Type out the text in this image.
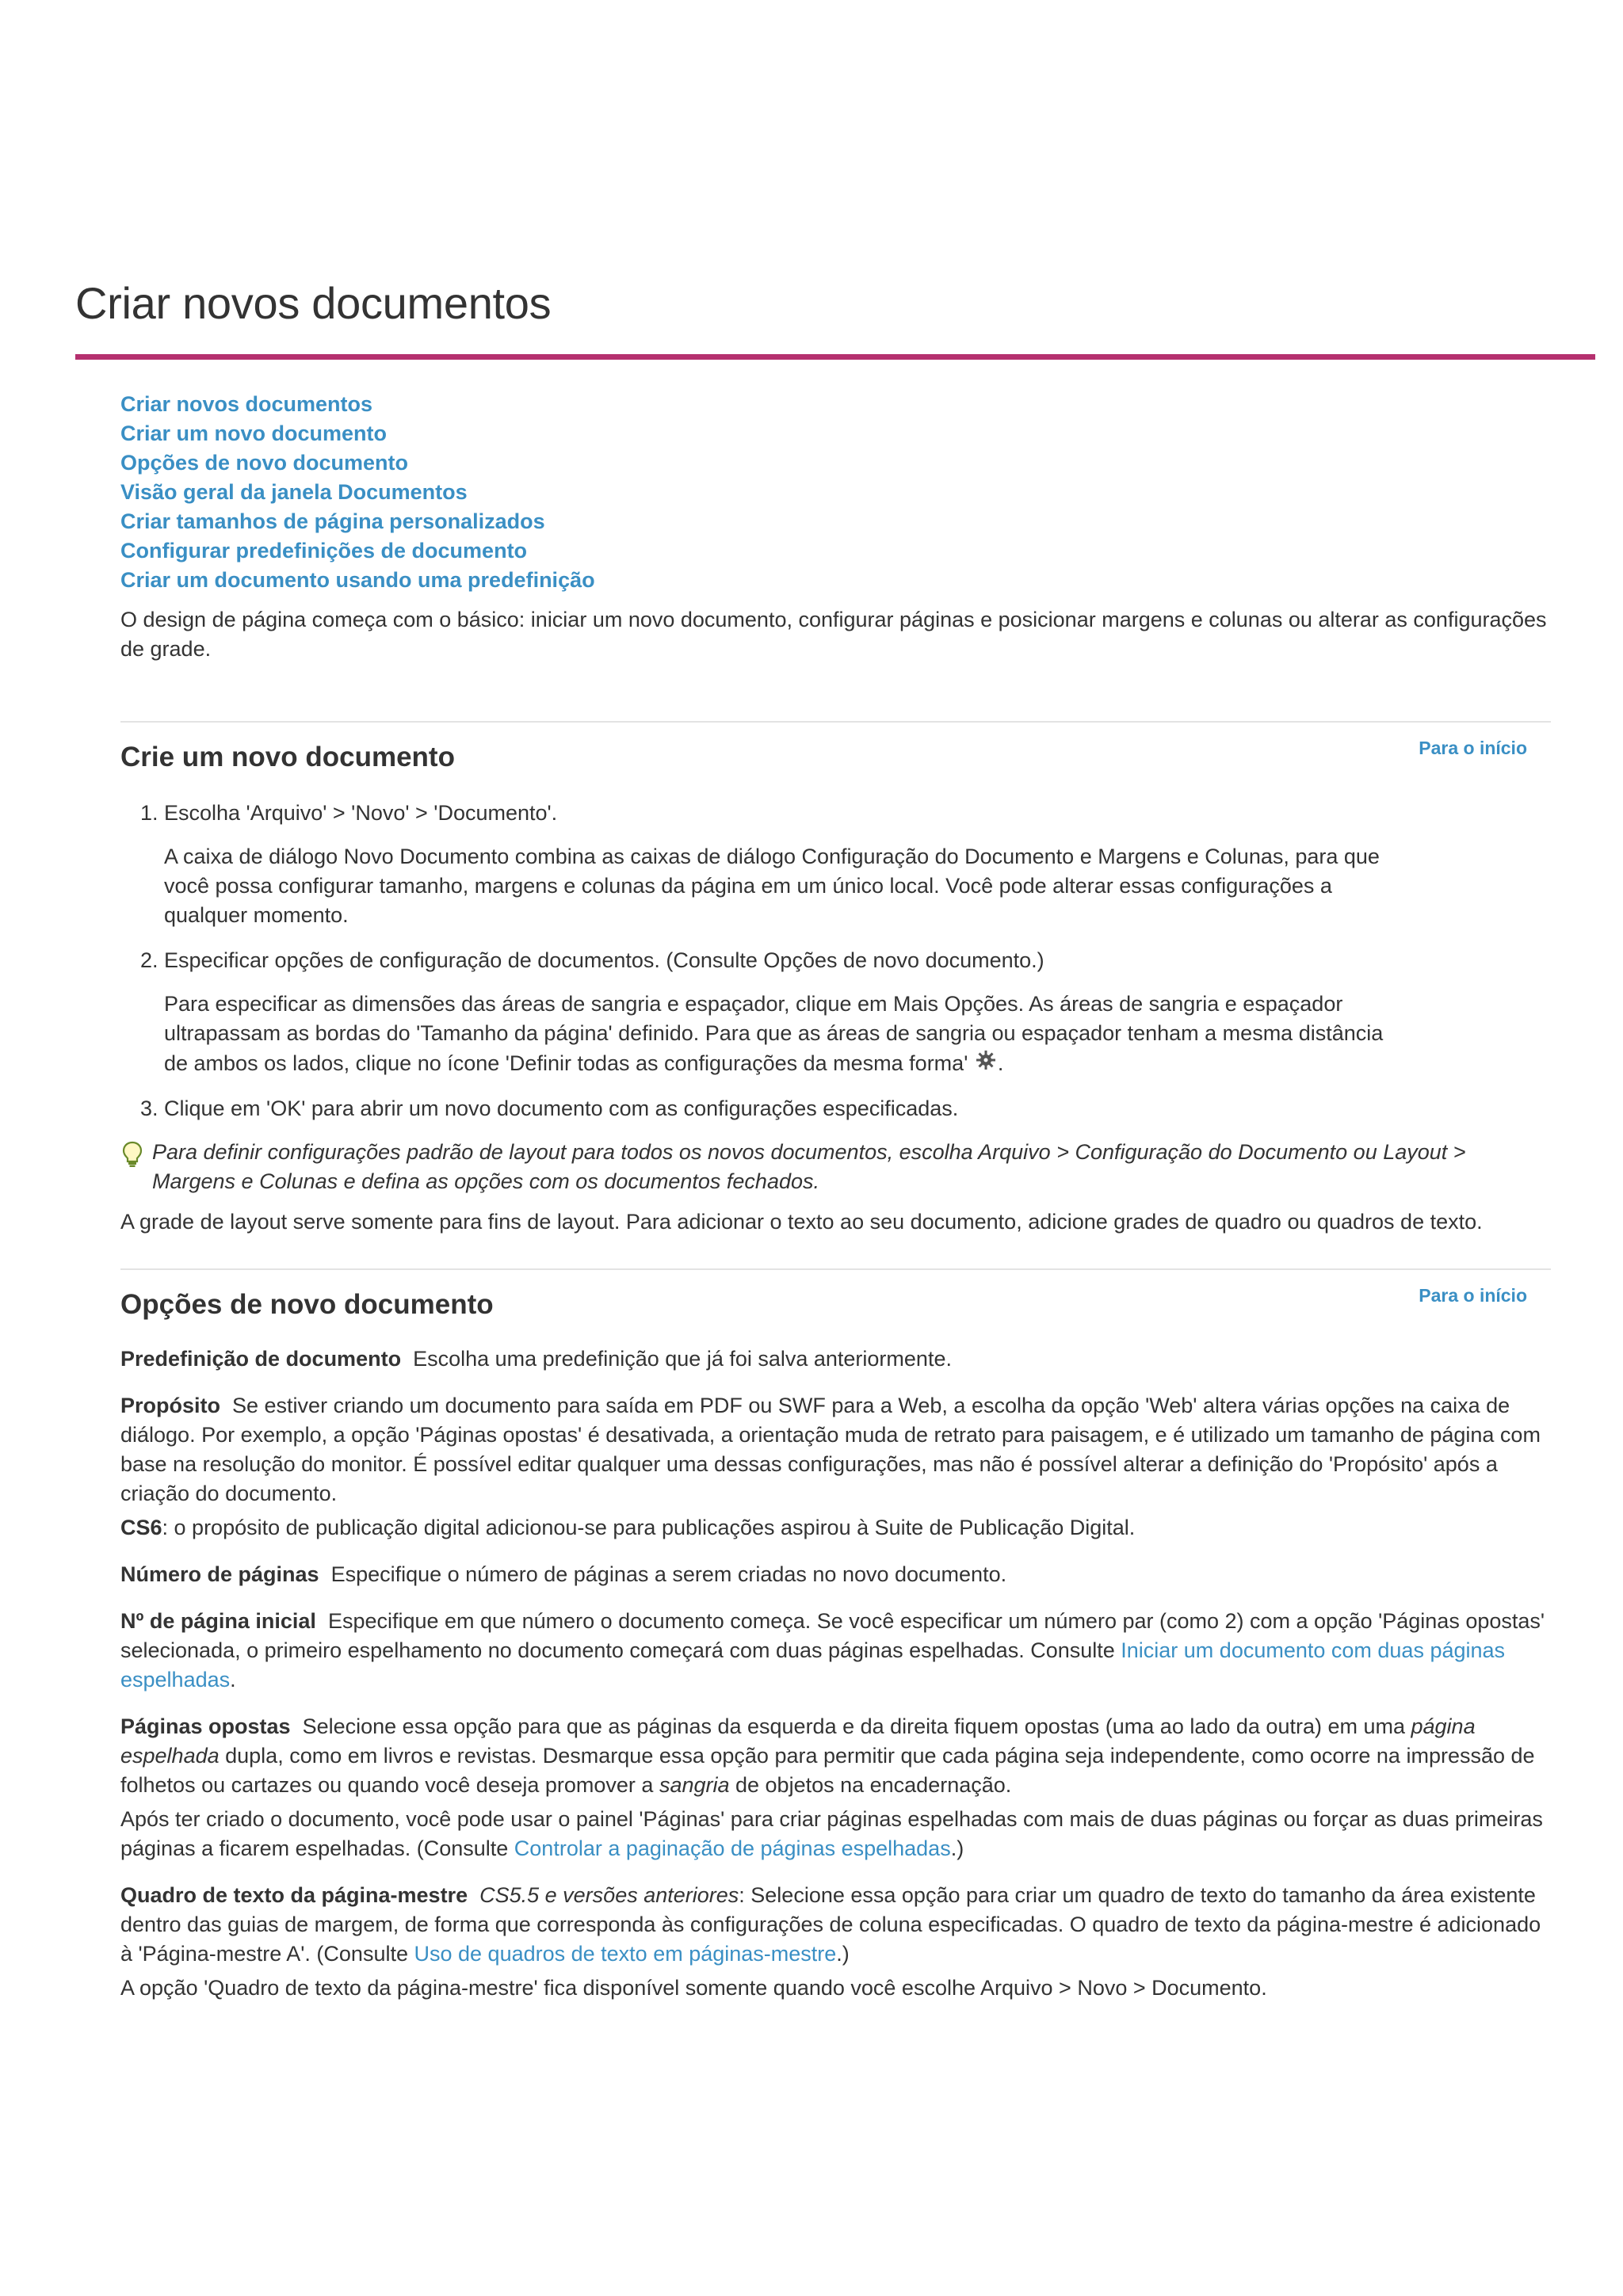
Criar novos documentos
Criar novos documentos
Criar um novo documento
Opções de novo documento
Visão geral da janela Documentos
Criar tamanhos de página personalizados
Configurar predefinições de documento
Criar um documento usando uma predefinição

O design de página começa com o básico: iniciar um novo documento, configurar páginas e posicionar margens e colunas ou alterar as configurações de grade.

Para o início
Crie um novo documento
1. Escolha 'Arquivo' > 'Novo' > 'Documento'.

A caixa de diálogo Novo Documento combina as caixas de diálogo Configuração do Documento e Margens e Colunas, para que você possa configurar tamanho, margens e colunas da página em um único local. Você pode alterar essas configurações a qualquer momento.

2. Especificar opções de configuração de documentos. (Consulte Opções de novo documento.)

Para especificar as dimensões das áreas de sangria e espaçador, clique em Mais Opções. As áreas de sangria e espaçador ultrapassam as bordas do 'Tamanho da página' definido. Para que as áreas de sangria ou espaçador tenham a mesma distância de ambos os lados, clique no ícone 'Definir todas as configurações da mesma forma' .

3. Clique em 'OK' para abrir um novo documento com as configurações especificadas.
Para definir configurações padrão de layout para todos os novos documentos, escolha Arquivo > Configuração do Documento ou Layout > Margens e Colunas e defina as opções com os documentos fechados.

A grade de layout serve somente para fins de layout. Para adicionar o texto ao seu documento, adicione grades de quadro ou quadros de texto.

Para o início
Opções de novo documento

Predefinição de documento Escolha uma predefinição que já foi salva anteriormente.

Propósito Se estiver criando um documento para saída em PDF ou SWF para a Web, a escolha da opção 'Web' altera várias opções na caixa de diálogo. Por exemplo, a opção 'Páginas opostas' é desativada, a orientação muda de retrato para paisagem, e é utilizado um tamanho de página com base na resolução do monitor. É possível editar qualquer uma dessas configurações, mas não é possível alterar a definição do 'Propósito' após a criação do documento.

CS6: o propósito de publicação digital adicionou-se para publicações aspirou à Suite de Publicação Digital.

Número de páginas Especifique o número de páginas a serem criadas no novo documento.

Nº de página inicial Especifique em que número o documento começa. Se você especificar um número par (como 2) com a opção 'Páginas opostas' selecionada, o primeiro espelhamento no documento começará com duas páginas espelhadas. Consulte Iniciar um documento com duas páginas espelhadas.

Páginas opostas Selecione essa opção para que as páginas da esquerda e da direita fiquem opostas (uma ao lado da outra) em uma página espelhada dupla, como em livros e revistas. Desmarque essa opção para permitir que cada página seja independente, como ocorre na impressão de folhetos ou cartazes ou quando você deseja promover a sangria de objetos na encadernação.

Após ter criado o documento, você pode usar o painel 'Páginas' para criar páginas espelhadas com mais de duas páginas ou forçar as duas primeiras páginas a ficarem espelhadas. (Consulte Controlar a paginação de páginas espelhadas.)

Quadro de texto da página-mestre CS5.5 e versões anteriores: Selecione essa opção para criar um quadro de texto do tamanho da área existente dentro das guias de margem, de forma que corresponda às configurações de coluna especificadas. O quadro de texto da página-mestre é adicionado à 'Página-mestre A'. (Consulte Uso de quadros de texto em páginas-mestre.)

A opção 'Quadro de texto da página-mestre' fica disponível somente quando você escolhe Arquivo > Novo > Documento.
